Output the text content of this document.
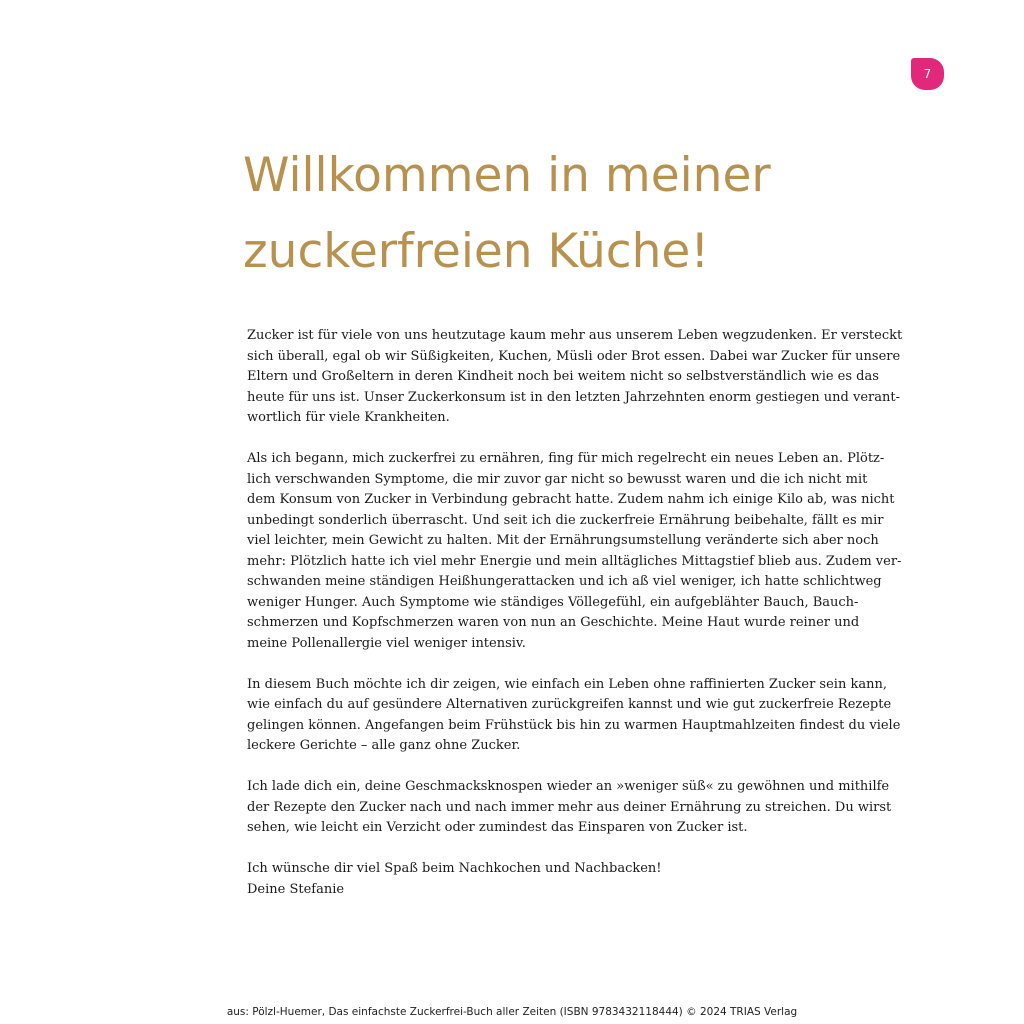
7
Willkommen in meiner
zuckerfreien Küche!

Zucker ist für viele von uns heutzutage kaum mehr aus unserem Leben wegzudenken. Er versteckt
sich überall, egal ob wir Süßigkeiten, Kuchen, Müsli oder Brot essen. Dabei war Zucker für unsere
Eltern und Großeltern in deren Kindheit noch bei weitem nicht so selbstverständlich wie es das
heute für uns ist. Unser Zuckerkonsum ist in den letzten Jahrzehnten enorm gestiegen und verant-
wortlich für viele Krankheiten.

Als ich begann, mich zuckerfrei zu ernähren, fing für mich regelrecht ein neues Leben an. Plötz-
lich verschwanden Symptome, die mir zuvor gar nicht so bewusst waren und die ich nicht mit
dem Konsum von Zucker in Verbindung gebracht hatte. Zudem nahm ich einige Kilo ab, was nicht
unbedingt sonderlich überrascht. Und seit ich die zuckerfreie Ernährung beibehalte, fällt es mir
viel leichter, mein Gewicht zu halten. Mit der Ernährungsumstellung veränderte sich aber noch
mehr: Plötzlich hatte ich viel mehr Energie und mein alltägliches Mittagstief blieb aus. Zudem ver-
schwanden meine ständigen Heißhungerattacken und ich aß viel weniger, ich hatte schlichtweg
weniger Hunger. Auch Symptome wie ständiges Völlegefühl, ein aufgeblähter Bauch, Bauch-
schmerzen und Kopfschmerzen waren von nun an Geschichte. Meine Haut wurde reiner und
meine Pollenallergie viel weniger intensiv.

In diesem Buch möchte ich dir zeigen, wie einfach ein Leben ohne raffinierten Zucker sein kann,
wie einfach du auf gesündere Alternativen zurückgreifen kannst und wie gut zuckerfreie Rezepte
gelingen können. Angefangen beim Frühstück bis hin zu warmen Hauptmahlzeiten findest du viele
leckere Gerichte – alle ganz ohne Zucker.

Ich lade dich ein, deine Geschmacksknospen wieder an »weniger süß« zu gewöhnen und mithilfe
der Rezepte den Zucker nach und nach immer mehr aus deiner Ernährung zu streichen. Du wirst
sehen, wie leicht ein Verzicht oder zumindest das Einsparen von Zucker ist.

Ich wünsche dir viel Spaß beim Nachkochen und Nachbacken!
Deine Stefanie

aus: Pölzl-Huemer, Das einfachste Zuckerfrei-Buch aller Zeiten (ISBN 9783432118444) © 2024 TRIAS Verlag
